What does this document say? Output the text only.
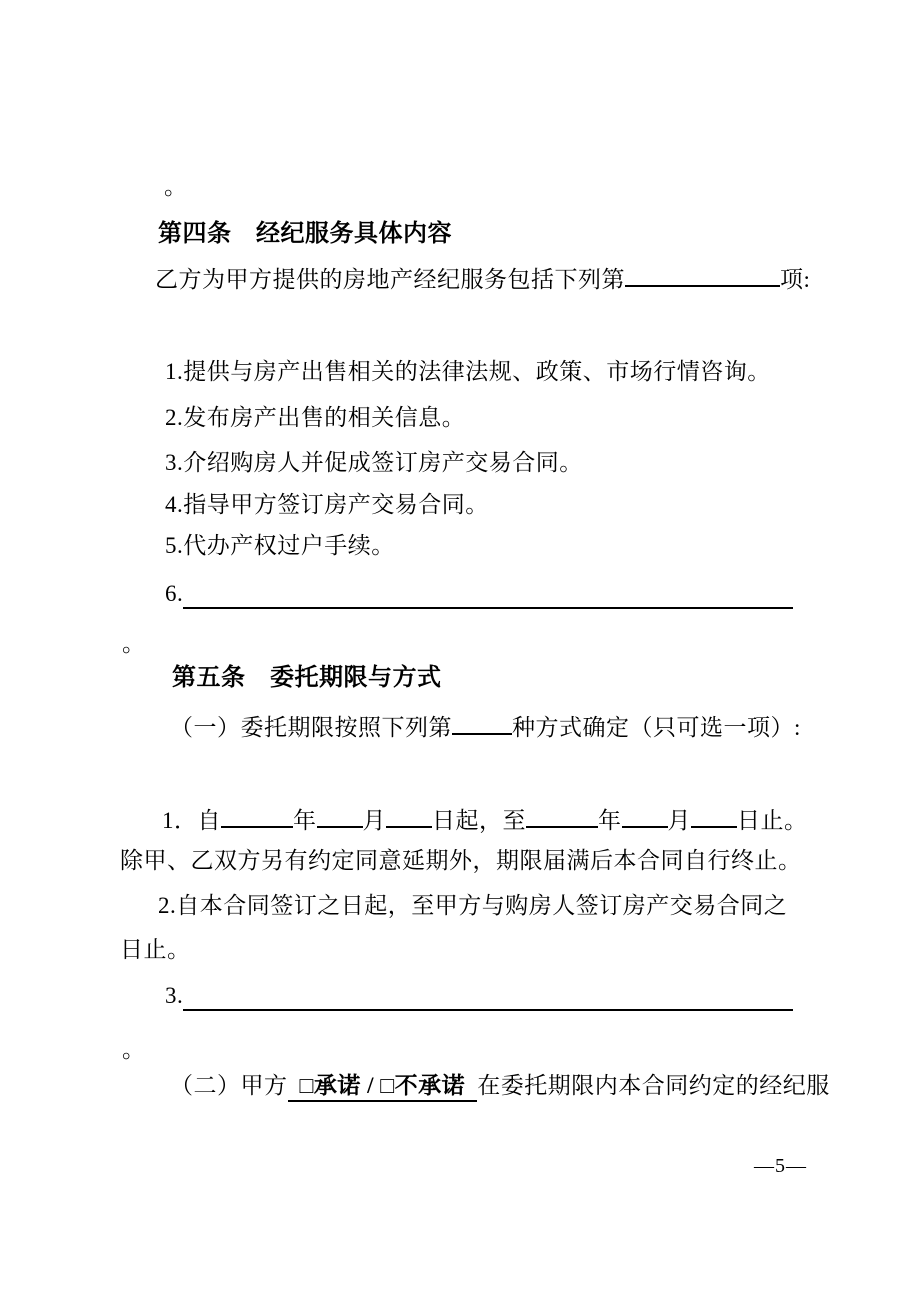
。
第四条　经纪服务具体内容
乙方为甲方提供的房地产经纪服务包括下列第	项:
1.提供与房产出售相关的法律法规、政策、市场行情咨询。
2.发布房产出售的相关信息。
3.介绍购房人并促成签订房产交易合同。
4.指导甲方签订房产交易合同。
5.代办产权过户手续。
6.
。
第五条　委托期限与方式
（一）委托期限按照下列第	种方式确定（只可选一项）:
1．自	年 月 日起，至	年 月 日止。
除甲、乙双方另有约定同意延期外，期限届满后本合同自行终止。
2.自本合同签订之日起，至甲方与购房人签订房产交易合同之
日止。
3.
。
（二）甲方 □承诺 / □不承诺 在委托期限内本合同约定的经纪服
—5—
